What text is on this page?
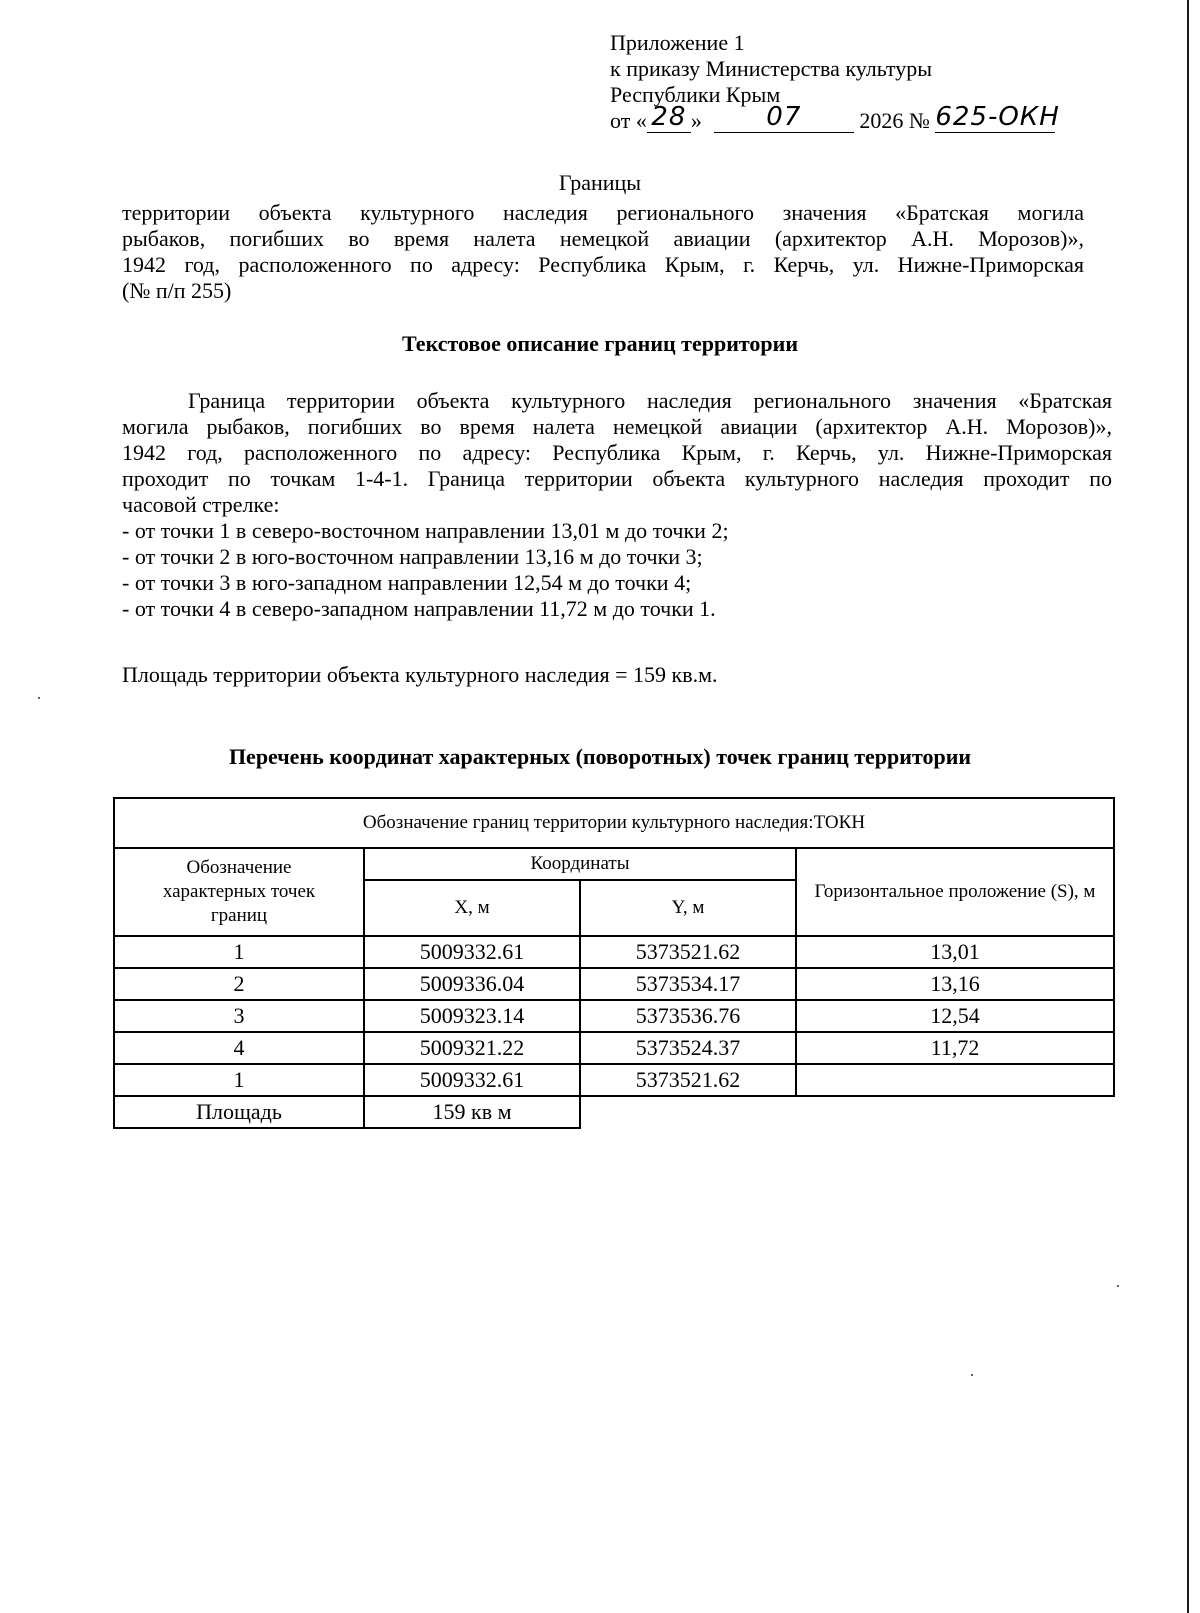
Приложение 1
к приказу Министерства культуры
Республики Крым
от « 28 » 07	2026 № 625-ОКН
Границы
территории объекта культурного наследия регионального значения «Братская могила
рыбаков, погибших во время налета немецкой авиации (архитектор А.Н. Морозов)»,
1942 год, расположенного по адресу: Республика Крым, г. Керчь, ул. Нижне-Приморская
(№ п/п 255)
Текстовое описание границ территории
Граница территории объекта культурного наследия регионального значения «Братская
могила рыбаков, погибших во время налета немецкой авиации (архитектор А.Н. Морозов)»,
1942 год, расположенного по адресу: Республика Крым, г. Керчь, ул. Нижне-Приморская
проходит по точкам 1-4-1. Граница территории объекта культурного наследия проходит по
часовой стрелке:
- от точки 1 в северо-восточном направлении 13,01 м до точки 2;
- от точки 2 в юго-восточном направлении 13,16 м до точки 3;
- от точки 3 в юго-западном направлении 12,54 м до точки 4;
- от точки 4 в северо-западном направлении 11,72 м до точки 1.
Площадь территории объекта культурного наследия = 159 кв.м.
Перечень координат характерных (поворотных) точек границ территории
Обозначение границ территории культурного наследия:ТОКН			
Обозначение характерных точек границ	Координаты		Горизонтальное проложение (S), м
	X, м	Y, м	
1	5009332.61	5373521.62	13,01
2	5009336.04	5373534.17	13,16
3	5009323.14	5373536.76	12,54
4	5009321.22	5373524.37	11,72
1	5009332.61	5373521.62	
Площадь	159 кв м		
